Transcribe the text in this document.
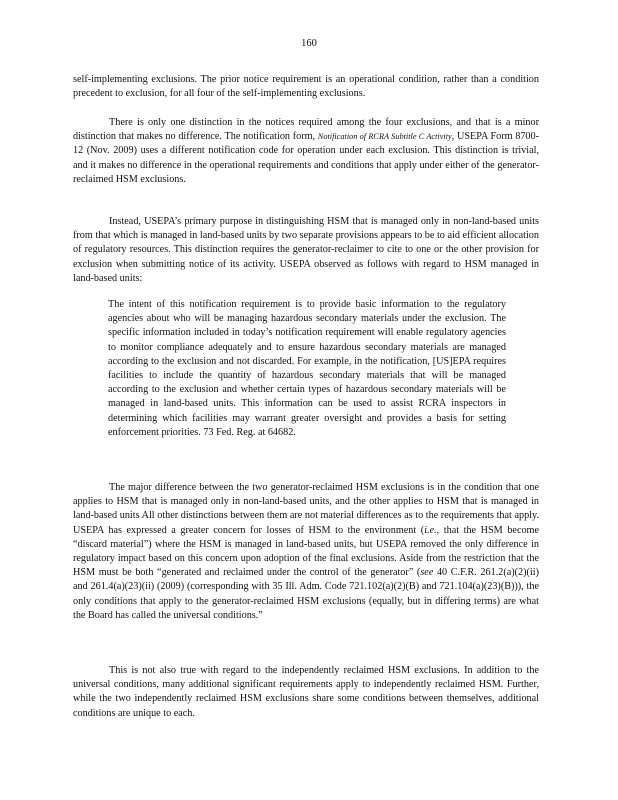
160

self-implementing exclusions. The prior notice requirement is an operational condition, rather than a condition precedent to exclusion, for all four of the self-implementing exclusions.

There is only one distinction in the notices required among the four exclusions, and that is a minor distinction that makes no difference. The notification form, Notification of RCRA Subtitle C Activity, USEPA Form 8700-12 (Nov. 2009) uses a different notification code for operation under each exclusion. This distinction is trivial, and it makes no difference in the operational requirements and conditions that apply under either of the generator-reclaimed HSM exclusions.

Instead, USEPA’s primary purpose in distinguishing HSM that is managed only in non-land-based units from that which is managed in land-based units by two separate provisions appears to be to aid efficient allocation of regulatory resources. This distinction requires the generator-reclaimer to cite to one or the other provision for exclusion when submitting notice of its activity. USEPA observed as follows with regard to HSM managed in land-based units:

The intent of this notification requirement is to provide basic information to the regulatory agencies about who will be managing hazardous secondary materials under the exclusion. The specific information included in today’s notification requirement will enable regulatory agencies to monitor compliance adequately and to ensure hazardous secondary materials are managed according to the exclusion and not discarded. For example, in the notification, [US]EPA requires facilities to include the quantity of hazardous secondary materials that will be managed according to the exclusion and whether certain types of hazardous secondary materials will be managed in land-based units. This information can be used to assist RCRA inspectors in determining which facilities may warrant greater oversight and provides a basis for setting enforcement priorities. 73 Fed. Reg. at 64682.

The major difference between the two generator-reclaimed HSM exclusions is in the condition that one applies to HSM that is managed only in non-land-based units, and the other applies to HSM that is managed in land-based units All other distinctions between them are not material differences as to the requirements that apply. USEPA has expressed a greater concern for losses of HSM to the environment (i.e., that the HSM become “discard material”) where the HSM is managed in land-based units, but USEPA removed the only difference in regulatory impact based on this concern upon adoption of the final exclusions. Aside from the restriction that the HSM must be both “generated and reclaimed under the control of the generator” (see 40 C.F.R. 261.2(a)(2)(ii) and 261.4(a)(23)(ii) (2009) (corresponding with 35 Ill. Adm. Code 721.102(a)(2)(B) and 721.104(a)(23)(B))), the only conditions that apply to the generator-reclaimed HSM exclusions (equally, but in differing terms) are what the Board has called the universal conditions.”

This is not also true with regard to the independently reclaimed HSM exclusions. In addition to the universal conditions, many additional significant requirements apply to independently reclaimed HSM. Further, while the two independently reclaimed HSM exclusions share some conditions between themselves, additional conditions are unique to each.
